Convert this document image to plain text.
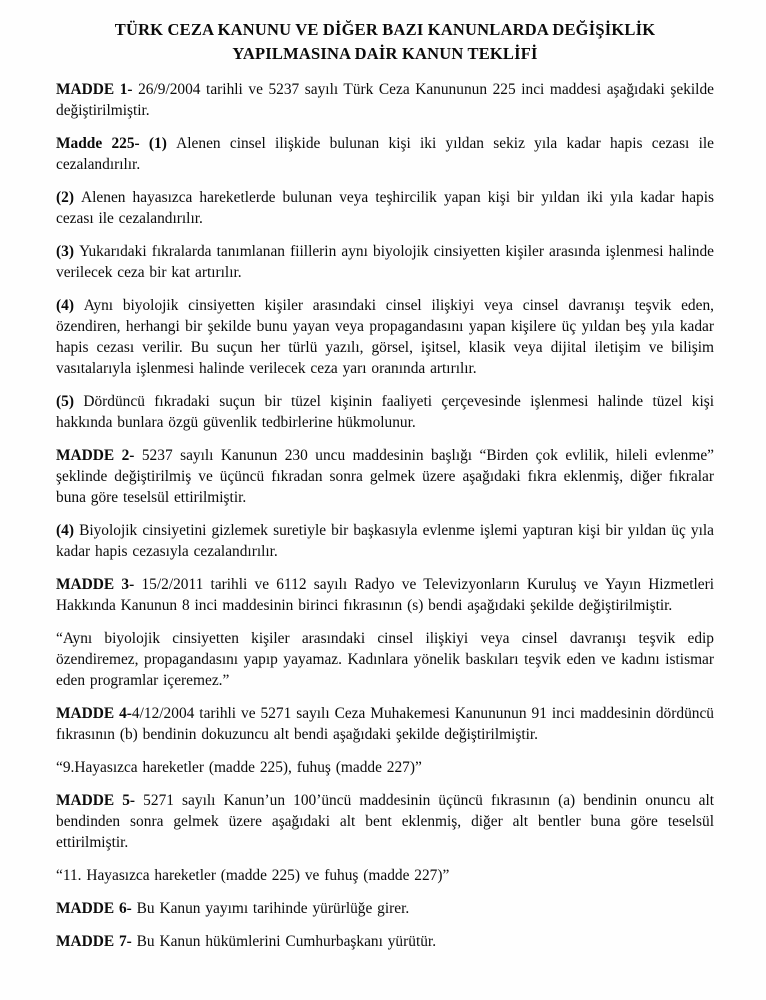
TÜRK CEZA KANUNU VE DİĞER BAZI KANUNLARDA DEĞİŞİKLİK
YAPILMASINA DAİR KANUN TEKLİFİ

MADDE 1- 26/9/2004 tarihli ve 5237 sayılı Türk Ceza Kanununun 225 inci maddesi aşağıdaki şekilde değiştirilmiştir.

Madde 225- (1) Alenen cinsel ilişkide bulunan kişi iki yıldan sekiz yıla kadar hapis cezası ile cezalandırılır.

(2) Alenen hayasızca hareketlerde bulunan veya teşhircilik yapan kişi bir yıldan iki yıla kadar hapis cezası ile cezalandırılır.

(3) Yukarıdaki fıkralarda tanımlanan fiillerin aynı biyolojik cinsiyetten kişiler arasında işlenmesi halinde verilecek ceza bir kat artırılır.

(4) Aynı biyolojik cinsiyetten kişiler arasındaki cinsel ilişkiyi veya cinsel davranışı teşvik eden, özendiren, herhangi bir şekilde bunu yayan veya propagandasını yapan kişilere üç yıldan beş yıla kadar hapis cezası verilir. Bu suçun her türlü yazılı, görsel, işitsel, klasik veya dijital iletişim ve bilişim vasıtalarıyla işlenmesi halinde verilecek ceza yarı oranında artırılır.

(5) Dördüncü fıkradaki suçun bir tüzel kişinin faaliyeti çerçevesinde işlenmesi halinde tüzel kişi hakkında bunlara özgü güvenlik tedbirlerine hükmolunur.

MADDE 2- 5237 sayılı Kanunun 230 uncu maddesinin başlığı “Birden çok evlilik, hileli evlenme” şeklinde değiştirilmiş ve üçüncü fıkradan sonra gelmek üzere aşağıdaki fıkra eklenmiş, diğer fıkralar buna göre teselsül ettirilmiştir.

(4) Biyolojik cinsiyetini gizlemek suretiyle bir başkasıyla evlenme işlemi yaptıran kişi bir yıldan üç yıla kadar hapis cezasıyla cezalandırılır.

MADDE 3- 15/2/2011 tarihli ve 6112 sayılı Radyo ve Televizyonların Kuruluş ve Yayın Hizmetleri Hakkında Kanunun 8 inci maddesinin birinci fıkrasının (s) bendi aşağıdaki şekilde değiştirilmiştir.

“Aynı biyolojik cinsiyetten kişiler arasındaki cinsel ilişkiyi veya cinsel davranışı teşvik edip özendiremez, propagandasını yapıp yayamaz. Kadınlara yönelik baskıları teşvik eden ve kadını istismar eden programlar içeremez.”

MADDE 4-4/12/2004 tarihli ve 5271 sayılı Ceza Muhakemesi Kanununun 91 inci maddesinin dördüncü fıkrasının (b) bendinin dokuzuncu alt bendi aşağıdaki şekilde değiştirilmiştir.

“9.Hayasızca hareketler (madde 225), fuhuş (madde 227)”

MADDE 5- 5271 sayılı Kanun’un 100’üncü maddesinin üçüncü fıkrasının (a) bendinin onuncu alt bendinden sonra gelmek üzere aşağıdaki alt bent eklenmiş, diğer alt bentler buna göre teselsül ettirilmiştir.

“11. Hayasızca hareketler (madde 225) ve fuhuş (madde 227)”

MADDE 6- Bu Kanun yayımı tarihinde yürürlüğe girer.

MADDE 7- Bu Kanun hükümlerini Cumhurbaşkanı yürütür.
